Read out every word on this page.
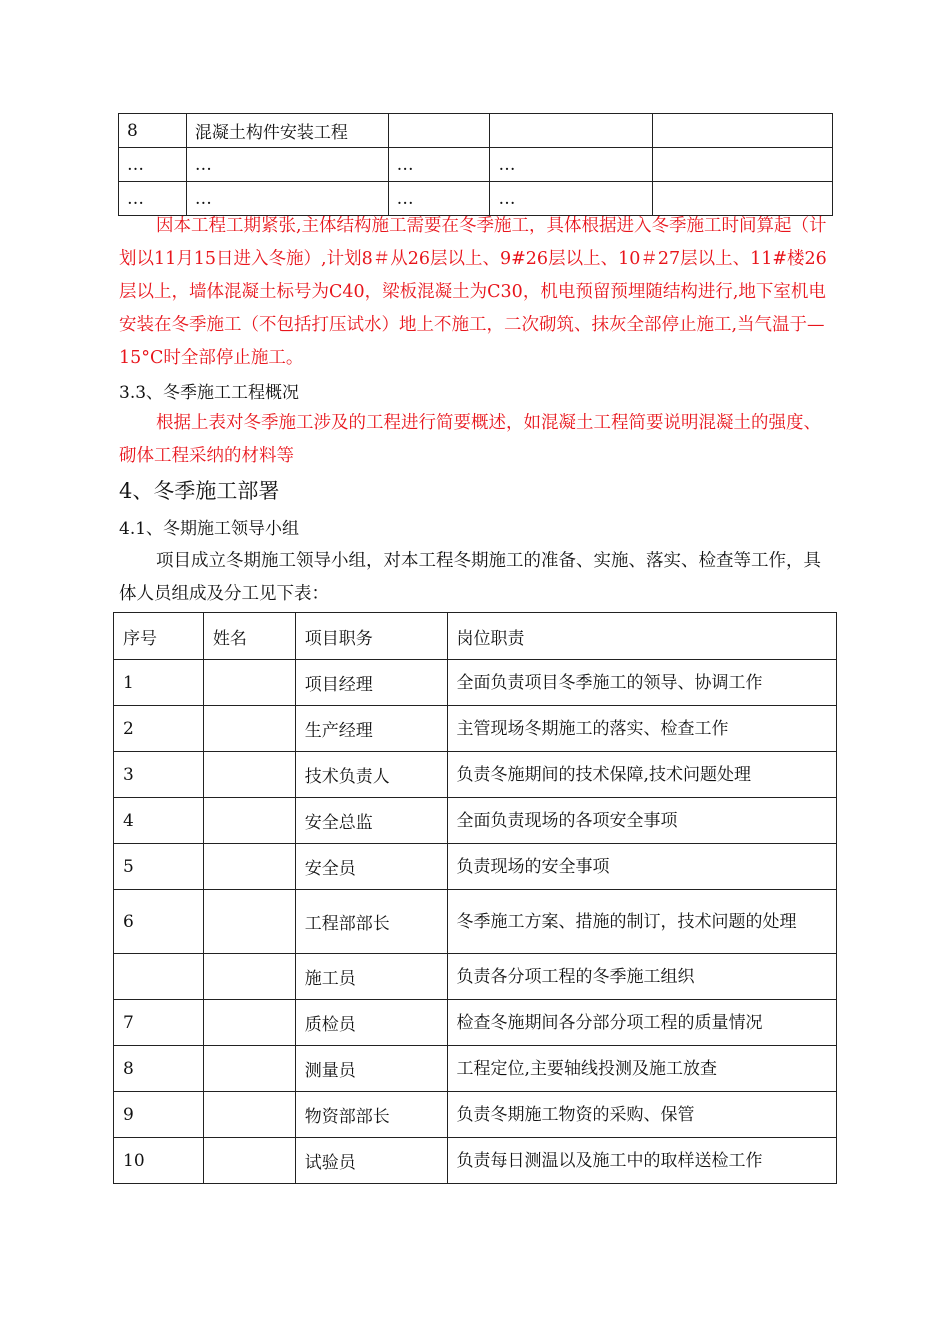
8	混凝土构件安装工程			
…	…	…	…	
…	…	…	…	

因本工程工期紧张,主体结构施工需要在冬季施工，具体根据进入冬季施工时间算起（计划以11月15日进入冬施）,计划8＃从26层以上、9#26层以上、10＃27层以上、11#楼26层以上，墙体混凝土标号为C40，梁板混凝土为C30，机电预留预埋随结构进行,地下室机电安装在冬季施工（不包括打压试水）地上不施工，二次砌筑、抹灰全部停止施工,当气温于—15°C时全部停止施工。

3.3、冬季施工工程概况

根据上表对冬季施工涉及的工程进行简要概述，如混凝土工程简要说明混凝土的强度、砌体工程采纳的材料等

4、冬季施工部署

4.1、冬期施工领导小组

项目成立冬期施工领导小组，对本工程冬期施工的准备、实施、落实、检查等工作，具体人员组成及分工见下表：

序号	姓名	项目职务	岗位职责
1		项目经理	全面负责项目冬季施工的领导、协调工作
2		生产经理	主管现场冬期施工的落实、检查工作
3		技术负责人	负责冬施期间的技术保障,技术问题处理
4		安全总监	全面负责现场的各项安全事项
5		安全员	负责现场的安全事项
6		工程部部长	冬季施工方案、措施的制订，技术问题的处理
		施工员	负责各分项工程的冬季施工组织
7		质检员	检查冬施期间各分部分项工程的质量情况
8		测量员	工程定位,主要轴线投测及施工放查
9		物资部部长	负责冬期施工物资的采购、保管
10		试验员	负责每日测温以及施工中的取样送检工作
